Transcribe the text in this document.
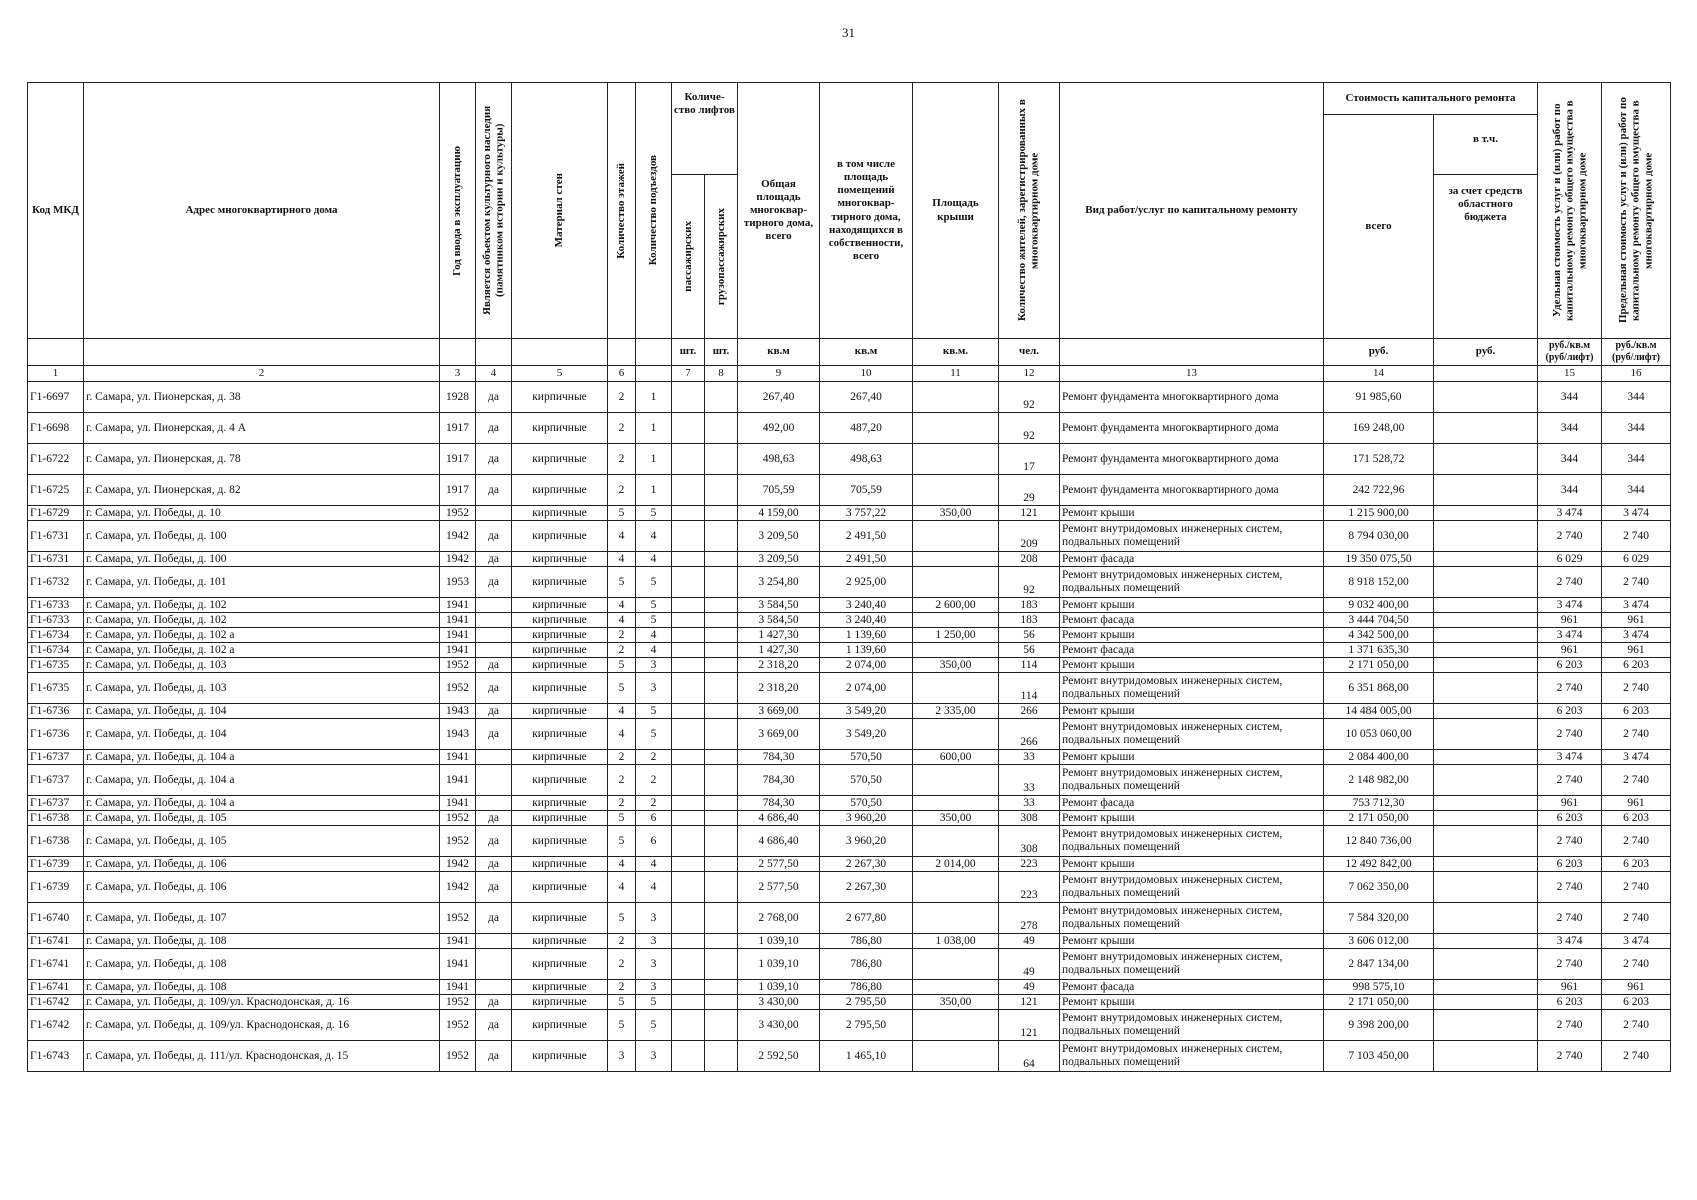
31
Код МКД	Адрес многоквартирного дома	Год ввода в эксплуатацию	Является объектом культурного наследия (памятником истории и культуры)	Материал стен	Количество этажей	Количество подъездов	Количе-ство лифтов		Общая площадь многоквар-тирного дома, всего	в том числе площадь помещений многоквар-тирного дома, находящихся в собственности, всего	Площадь крыши	Количество жителей, зарегистрированных в многоквартирном доме	Вид работ/услуг по капитальному ремонту	Стоимость капитального ремонта		Удельная стоимость услуг и (или) работ по капитальному ремонту общего имущества в многоквартирном доме	Предельная стоимость услуг и (или) работ по капитальному ремонту общего имущества в многоквартирном доме

														всего	в т.ч.		

							пассажирских	грузопассажирских							за счет средств областного бюджета		
							шт.	шт.	кв.м	кв.м	кв.м.	чел.		руб.	руб.	руб./кв.м (руб/лифт)	руб./кв.м (руб/лифт)
1	2	3	4	5	6		7	8	9	10	11	12	13	14		15	16
Г1-6697	г. Самара, ул. Пионерская, д. 38	1928	да	кирпичные	2	1			267,40	267,40		92	Ремонт фундамента многоквартирного дома	91 985,60		344	344
Г1-6698	г. Самара, ул. Пионерская, д. 4 А	1917	да	кирпичные	2	1			492,00	487,20		92	Ремонт фундамента многоквартирного дома	169 248,00		344	344
Г1-6722	г. Самара, ул. Пионерская, д. 78	1917	да	кирпичные	2	1			498,63	498,63		17	Ремонт фундамента многоквартирного дома	171 528,72		344	344
Г1-6725	г. Самара, ул. Пионерская, д. 82	1917	да	кирпичные	2	1			705,59	705,59		29	Ремонт фундамента многоквартирного дома	242 722,96		344	344
Г1-6729	г. Самара, ул. Победы, д. 10	1952		кирпичные	5	5			4 159,00	3 757,22	350,00	121	Ремонт крыши	1 215 900,00		3 474	3 474
Г1-6731	г. Самара, ул. Победы, д. 100	1942	да	кирпичные	4	4			3 209,50	2 491,50		209	Ремонт внутридомовых инженерных систем, подвальных помещений	8 794 030,00		2 740	2 740
Г1-6731	г. Самара, ул. Победы, д. 100	1942	да	кирпичные	4	4			3 209,50	2 491,50		208	Ремонт фасада	19 350 075,50		6 029	6 029
Г1-6732	г. Самара, ул. Победы, д. 101	1953	да	кирпичные	5	5			3 254,80	2 925,00		92	Ремонт внутридомовых инженерных систем, подвальных помещений	8 918 152,00		2 740	2 740
Г1-6733	г. Самара, ул. Победы, д. 102	1941		кирпичные	4	5			3 584,50	3 240,40	2 600,00	183	Ремонт крыши	9 032 400,00		3 474	3 474
Г1-6733	г. Самара, ул. Победы, д. 102	1941		кирпичные	4	5			3 584,50	3 240,40		183	Ремонт фасада	3 444 704,50		961	961
Г1-6734	г. Самара, ул. Победы, д. 102 а	1941		кирпичные	2	4			1 427,30	1 139,60	1 250,00	56	Ремонт крыши	4 342 500,00		3 474	3 474
Г1-6734	г. Самара, ул. Победы, д. 102 а	1941		кирпичные	2	4			1 427,30	1 139,60		56	Ремонт фасада	1 371 635,30		961	961
Г1-6735	г. Самара, ул. Победы, д. 103	1952	да	кирпичные	5	3			2 318,20	2 074,00	350,00	114	Ремонт крыши	2 171 050,00		6 203	6 203
Г1-6735	г. Самара, ул. Победы, д. 103	1952	да	кирпичные	5	3			2 318,20	2 074,00		114	Ремонт внутридомовых инженерных систем, подвальных помещений	6 351 868,00		2 740	2 740
Г1-6736	г. Самара, ул. Победы, д. 104	1943	да	кирпичные	4	5			3 669,00	3 549,20	2 335,00	266	Ремонт крыши	14 484 005,00		6 203	6 203
Г1-6736	г. Самара, ул. Победы, д. 104	1943	да	кирпичные	4	5			3 669,00	3 549,20		266	Ремонт внутридомовых инженерных систем, подвальных помещений	10 053 060,00		2 740	2 740
Г1-6737	г. Самара, ул. Победы, д. 104 а	1941		кирпичные	2	2			784,30	570,50	600,00	33	Ремонт крыши	2 084 400,00		3 474	3 474
Г1-6737	г. Самара, ул. Победы, д. 104 а	1941		кирпичные	2	2			784,30	570,50		33	Ремонт внутридомовых инженерных систем, подвальных помещений	2 148 982,00		2 740	2 740
Г1-6737	г. Самара, ул. Победы, д. 104 а	1941		кирпичные	2	2			784,30	570,50		33	Ремонт фасада	753 712,30		961	961
Г1-6738	г. Самара, ул. Победы, д. 105	1952	да	кирпичные	5	6			4 686,40	3 960,20	350,00	308	Ремонт крыши	2 171 050,00		6 203	6 203
Г1-6738	г. Самара, ул. Победы, д. 105	1952	да	кирпичные	5	6			4 686,40	3 960,20		308	Ремонт внутридомовых инженерных систем, подвальных помещений	12 840 736,00		2 740	2 740
Г1-6739	г. Самара, ул. Победы, д. 106	1942	да	кирпичные	4	4			2 577,50	2 267,30	2 014,00	223	Ремонт крыши	12 492 842,00		6 203	6 203
Г1-6739	г. Самара, ул. Победы, д. 106	1942	да	кирпичные	4	4			2 577,50	2 267,30		223	Ремонт внутридомовых инженерных систем, подвальных помещений	7 062 350,00		2 740	2 740
Г1-6740	г. Самара, ул. Победы, д. 107	1952	да	кирпичные	5	3			2 768,00	2 677,80		278	Ремонт внутридомовых инженерных систем, подвальных помещений	7 584 320,00		2 740	2 740
Г1-6741	г. Самара, ул. Победы, д. 108	1941		кирпичные	2	3			1 039,10	786,80	1 038,00	49	Ремонт крыши	3 606 012,00		3 474	3 474
Г1-6741	г. Самара, ул. Победы, д. 108	1941		кирпичные	2	3			1 039,10	786,80		49	Ремонт внутридомовых инженерных систем, подвальных помещений	2 847 134,00		2 740	2 740
Г1-6741	г. Самара, ул. Победы, д. 108	1941		кирпичные	2	3			1 039,10	786,80		49	Ремонт фасада	998 575,10		961	961
Г1-6742	г. Самара, ул. Победы, д. 109/ул. Краснодонская, д. 16	1952	да	кирпичные	5	5			3 430,00	2 795,50	350,00	121	Ремонт крыши	2 171 050,00		6 203	6 203
Г1-6742	г. Самара, ул. Победы, д. 109/ул. Краснодонская, д. 16	1952	да	кирпичные	5	5			3 430,00	2 795,50		121	Ремонт внутридомовых инженерных систем, подвальных помещений	9 398 200,00		2 740	2 740
Г1-6743	г. Самара, ул. Победы, д. 111/ул. Краснодонская, д. 15	1952	да	кирпичные	3	3			2 592,50	1 465,10		64	Ремонт внутридомовых инженерных систем, подвальных помещений	7 103 450,00		2 740	2 740
